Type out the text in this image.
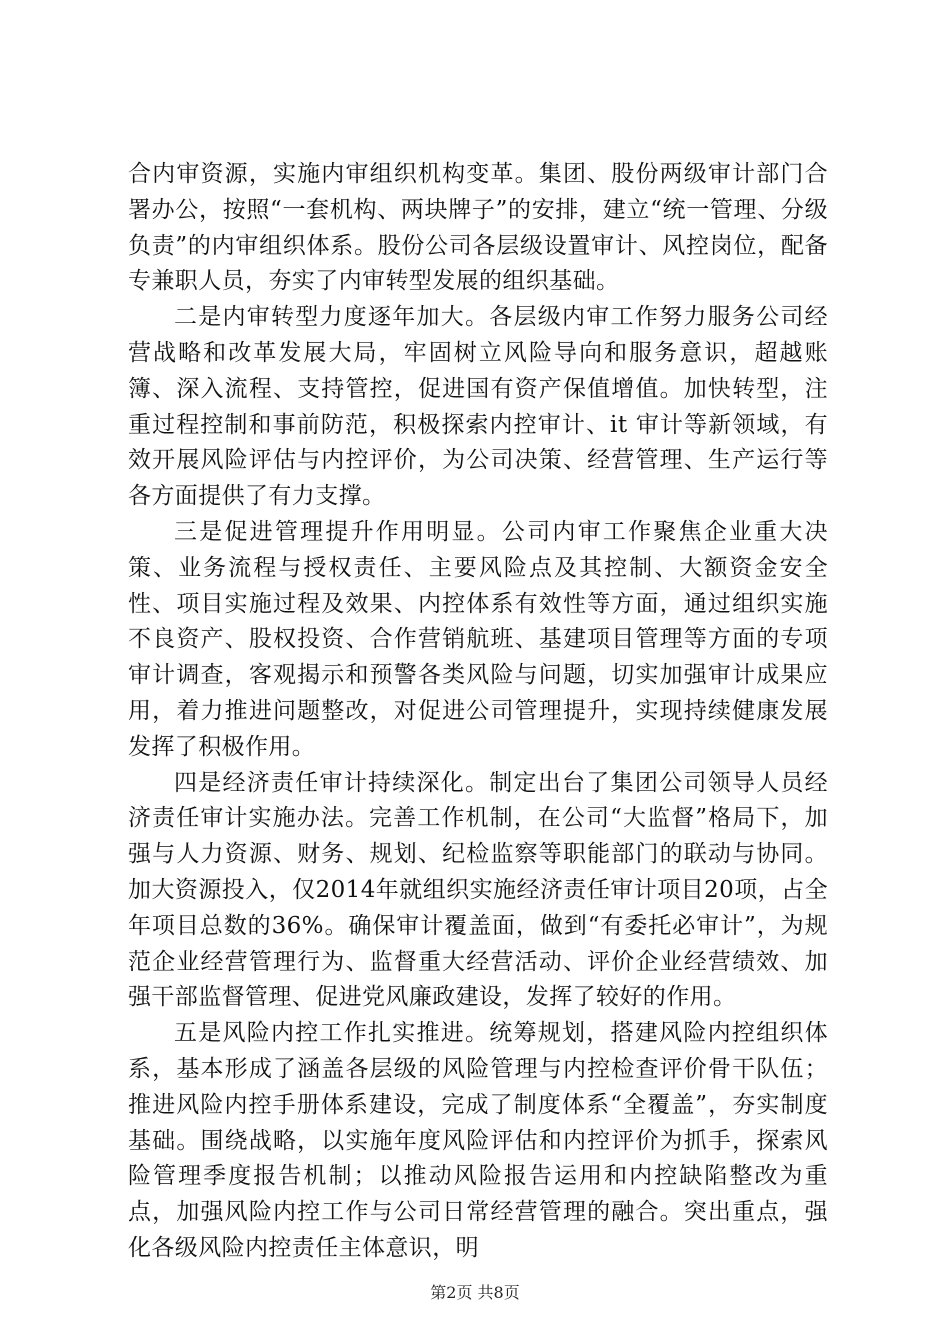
合内审资源，实施内审组织机构变革。集团、股份两级审计部门合署办公，按照“一套机构、两块牌子”的安排，建立“统一管理、分级负责”的内审组织体系。股份公司各层级设置审计、风控岗位，配备专兼职人员，夯实了内审转型发展的组织基础。

二是内审转型力度逐年加大。各层级内审工作努力服务公司经营战略和改革发展大局，牢固树立风险导向和服务意识，超越账簿、深入流程、支持管控，促进国有资产保值增值。加快转型，注重过程控制和事前防范，积极探索内控审计、it 审计等新领域，有效开展风险评估与内控评价，为公司决策、经营管理、生产运行等各方面提供了有力支撑。

三是促进管理提升作用明显。公司内审工作聚焦企业重大决策、业务流程与授权责任、主要风险点及其控制、大额资金安全性、项目实施过程及效果、内控体系有效性等方面，通过组织实施不良资产、股权投资、合作营销航班、基建项目管理等方面的专项审计调查，客观揭示和预警各类风险与问题，切实加强审计成果应用，着力推进问题整改，对促进公司管理提升，实现持续健康发展发挥了积极作用。

四是经济责任审计持续深化。制定出台了集团公司领导人员经济责任审计实施办法。完善工作机制，在公司“大监督”格局下，加强与人力资源、财务、规划、纪检监察等职能部门的联动与协同。加大资源投入，仅2014年就组织实施经济责任审计项目20项，占全年项目总数的36%。确保审计覆盖面，做到“有委托必审计”，为规范企业经营管理行为、监督重大经营活动、评价企业经营绩效、加强干部监督管理、促进党风廉政建设，发挥了较好的作用。

五是风险内控工作扎实推进。统筹规划，搭建风险内控组织体系，基本形成了涵盖各层级的风险管理与内控检查评价骨干队伍；推进风险内控手册体系建设，完成了制度体系“全覆盖”，夯实制度基础。围绕战略，以实施年度风险评估和内控评价为抓手，探索风险管理季度报告机制；以推动风险报告运用和内控缺陷整改为重点，加强风险内控工作与公司日常经营管理的融合。突出重点，强化各级风险内控责任主体意识，明

第2页 共8页
